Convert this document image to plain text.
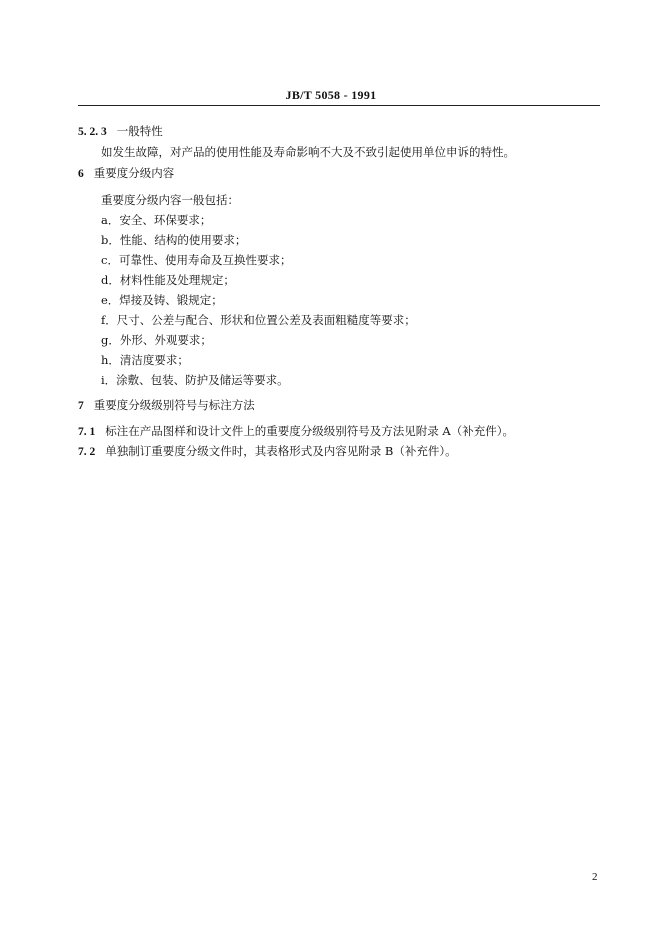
JB/T 5058 - 1991
5. 2. 3 一般特性
如发生故障，对产品的使用性能及寿命影响不大及不致引起使用单位申诉的特性。
6 重要度分级内容
重要度分级内容一般包括：
a．安全、环保要求；
b．性能、结构的使用要求；
c．可靠性、使用寿命及互换性要求；
d．材料性能及处理规定；
e．焊接及铸、锻规定；
f．尺寸、公差与配合、形状和位置公差及表面粗糙度等要求；
g．外形、外观要求；
h．清洁度要求；
i．涂敷、包装、防护及储运等要求。
7 重要度分级级别符号与标注方法
7. 1 标注在产品图样和设计文件上的重要度分级级别符号及方法见附录 A（补充件）。
7. 2 单独制订重要度分级文件时，其表格形式及内容见附录 B（补充件）。
2
